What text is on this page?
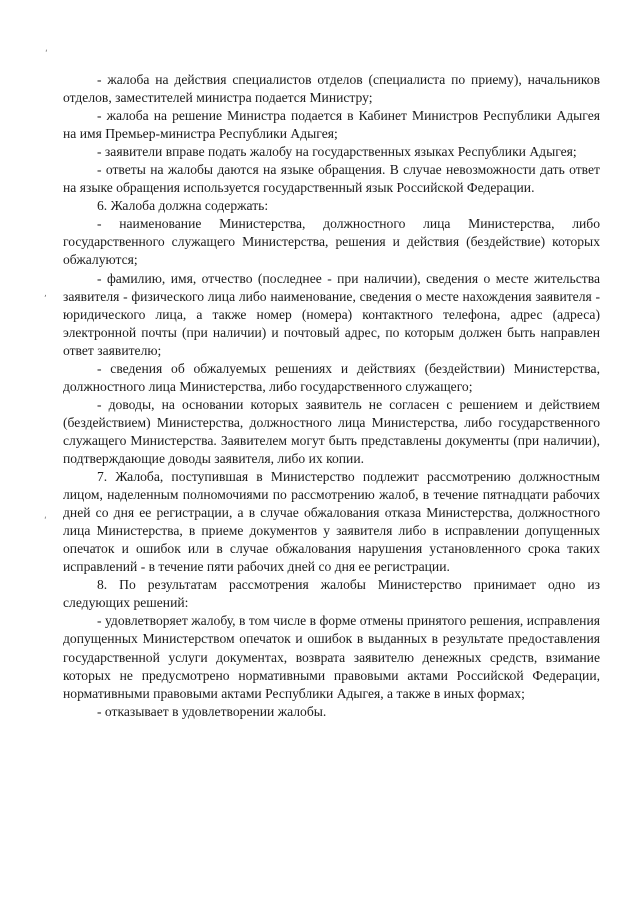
‘
,
‘

- жалоба на действия специалистов отделов (специалиста по приему), начальников отделов, заместителей министра подается Министру;

- жалоба на решение Министра подается в Кабинет Министров Республики Адыгея на имя Премьер-министра Республики Адыгея;

- заявители вправе подать жалобу на государственных языках Республики Адыгея;

- ответы на жалобы даются на языке обращения. В случае невозможности дать ответ на языке обращения используется государственный язык Российской Федерации.

6. Жалоба должна содержать:

- наименование Министерства, должностного лица Министерства, либо государственного служащего Министерства, решения и действия (бездействие) которых обжалуются;

- фамилию, имя, отчество (последнее - при наличии), сведения о месте жительства заявителя - физического лица либо наименование, сведения о месте нахождения заявителя - юридического лица, а также номер (номера) контактного телефона, адрес (адреса) электронной почты (при наличии) и почтовый адрес, по которым должен быть направлен ответ заявителю;

- сведения об обжалуемых решениях и действиях (бездействии) Министерства, должностного лица Министерства, либо государственного служащего;

- доводы, на основании которых заявитель не согласен с решением и действием (бездействием) Министерства, должностного лица Министерства, либо государственного служащего Министерства. Заявителем могут быть представлены документы (при наличии), подтверждающие доводы заявителя, либо их копии.

7. Жалоба, поступившая в Министерство подлежит рассмотрению должностным лицом, наделенным полномочиями по рассмотрению жалоб, в течение пятнадцати рабочих дней со дня ее регистрации, а в случае обжалования отказа Министерства, должностного лица Министерства, в приеме документов у заявителя либо в исправлении допущенных опечаток и ошибок или в случае обжалования нарушения установленного срока таких исправлений - в течение пяти рабочих дней со дня ее регистрации.

8. По результатам рассмотрения жалобы Министерство принимает одно из следующих решений:

- удовлетворяет жалобу, в том числе в форме отмены принятого решения, исправления допущенных Министерством опечаток и ошибок в выданных в результате предоставления государственной услуги документах, возврата заявителю денежных средств, взимание которых не предусмотрено нормативными правовыми актами Российской Федерации, нормативными правовыми актами Республики Адыгея, а также в иных формах;

- отказывает в удовлетворении жалобы.
